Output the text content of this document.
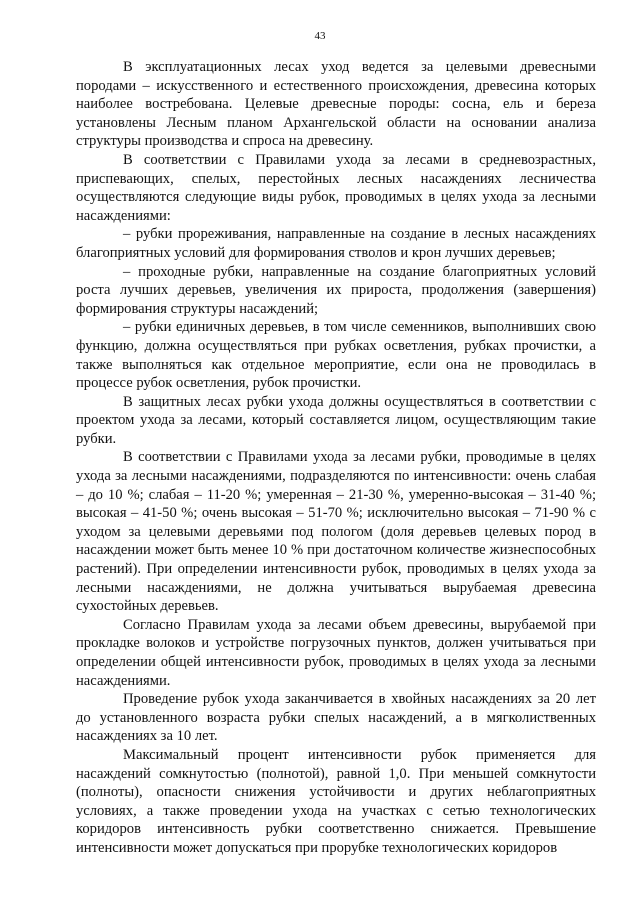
43

В эксплуатационных лесах уход ведется за целевыми древесными породами – искусственного и естественного происхождения, древесина которых наиболее востребована. Целевые древесные породы: сосна, ель и береза установлены Лесным планом Архангельской области на основании анализа структуры производства и спроса на древесину.

В соответствии с Правилами ухода за лесами в средневозрастных, приспевающих, спелых, перестойных лесных насаждениях лесничества осуществляются следующие виды рубок, проводимых в целях ухода за лесными насаждениями:

– рубки прореживания, направленные на создание в лесных насаждениях благоприятных условий для формирования стволов и крон лучших деревьев;

– проходные рубки, направленные на создание благоприятных условий роста лучших деревьев, увеличения их прироста, продолжения (завершения) формирования структуры насаждений;

– рубки единичных деревьев, в том числе семенников, выполнивших свою функцию, должна осуществляться при рубках осветления, рубках прочистки, а также выполняться как отдельное мероприятие, если она не проводилась в процессе рубок осветления, рубок прочистки.

В защитных лесах рубки ухода должны осуществляться в соответствии с проектом ухода за лесами, который составляется лицом, осуществляющим такие рубки.

В соответствии с Правилами ухода за лесами рубки, проводимые в целях ухода за лесными насаждениями, подразделяются по интенсивности: очень слабая – до 10 %; слабая – 11-20 %; умеренная – 21-30 %, умеренно-высокая – 31-40 %; высокая – 41-50 %; очень высокая – 51-70 %; исключительно высокая – 71-90 % с уходом за целевыми деревьями под пологом (доля деревьев целевых пород в насаждении может быть менее 10 % при достаточном количестве жизнеспособных растений). При определении интенсивности рубок, проводимых в целях ухода за лесными насаждениями, не должна учитываться вырубаемая древесина сухостойных деревьев.

Согласно Правилам ухода за лесами объем древесины, вырубаемой при прокладке волоков и устройстве погрузочных пунктов, должен учитываться при определении общей интенсивности рубок, проводимых в целях ухода за лесными насаждениями.

Проведение рубок ухода заканчивается в хвойных насаждениях за 20 лет до установленного возраста рубки спелых насаждений, а в мягколиственных насаждениях за 10 лет.

Максимальный процент интенсивности рубок применяется для насаждений сомкнутостью (полнотой), равной 1,0. При меньшей сомкнутости (полноты), опасности снижения устойчивости и других неблагоприятных условиях, а также проведении ухода на участках с сетью технологических коридоров интенсивность рубки соответственно снижается. Превышение интенсивности может допускаться при прорубке технологических коридоров
